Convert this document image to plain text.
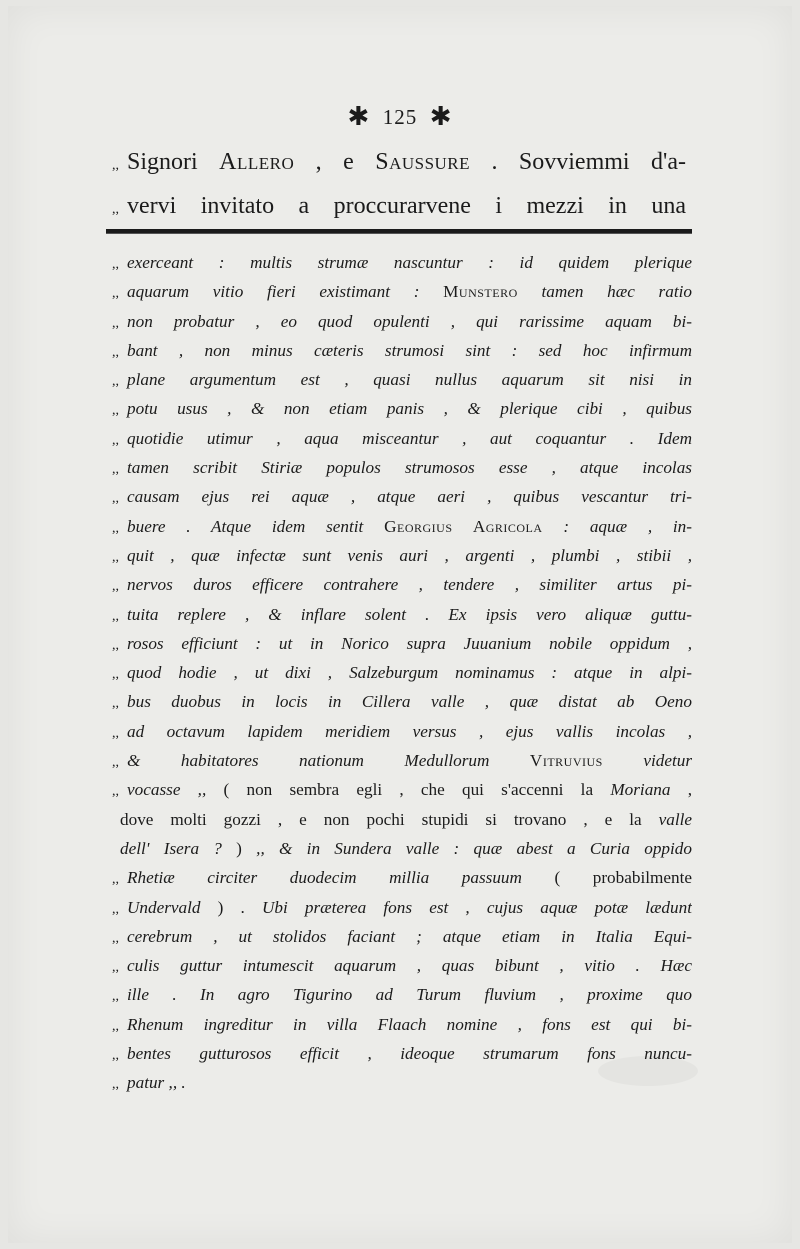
✱ 125 ✱
,, Signori Allero , e Saussure . Sovviemmi d'a-
,, vervi invitato a proccurarvene i mezzi in una
,, exerceant : multis strumæ nascuntur : id quidem plerique
,, aquarum vitio fieri existimant : Munstero tamen hæc ratio
,, non probatur , eo quod opulenti , qui rarissime aquam bi-
,, bant , non minus cæteris strumosi sint : sed hoc infirmum
,, plane argumentum est , quasi nullus aquarum sit nisi in
,, potu usus , & non etiam panis , & plerique cibi , quibus
,, quotidie utimur , aqua misceantur , aut coquantur . Idem
,, tamen scribit Stiriæ populos strumosos esse , atque incolas
,, causam ejus rei aquæ , atque aeri , quibus vescantur tri-
,, buere . Atque idem sentit Georgius Agricola : aquæ , in-
,, quit , quæ infectæ sunt venis auri , argenti , plumbi , stibii ,
,, nervos duros efficere contrahere , tendere , similiter artus pi-
,, tuita replere , & inflare solent . Ex ipsis vero aliquæ guttu-
,, rosos efficiunt : ut in Norico supra Juuanium nobile oppidum ,
,, quod hodie , ut dixi , Salzeburgum nominamus : atque in alpi-
,, bus duobus in locis in Cillera valle , quæ distat ab Oeno
,, ad octavum lapidem meridiem versus , ejus vallis incolas ,
,, & habitatores nationum Medullorum Vitruvius videtur
,, vocasse ,, ( non sembra egli , che qui s'accenni la Moriana ,
dove molti gozzi , e non pochi stupidi si trovano , e la valle
dell' Isera ? ) ,, & in Sundera valle : quæ abest a Curia oppido
,, Rhetiæ circiter duodecim millia passuum ( probabilmente
,, Undervald ) . Ubi præterea fons est , cujus aquæ potæ lædunt
,, cerebrum , ut stolidos faciant ; atque etiam in Italia Equi-
,, culis guttur intumescit aquarum , quas bibunt , vitio . Hæc
,, ille . In agro Tigurino ad Turum fluvium , proxime quo
,, Rhenum ingreditur in villa Flaach nomine , fons est qui bi-
,, bentes gutturosos efficit , ideoque strumarum fons nuncu-
,, patur ,, .
